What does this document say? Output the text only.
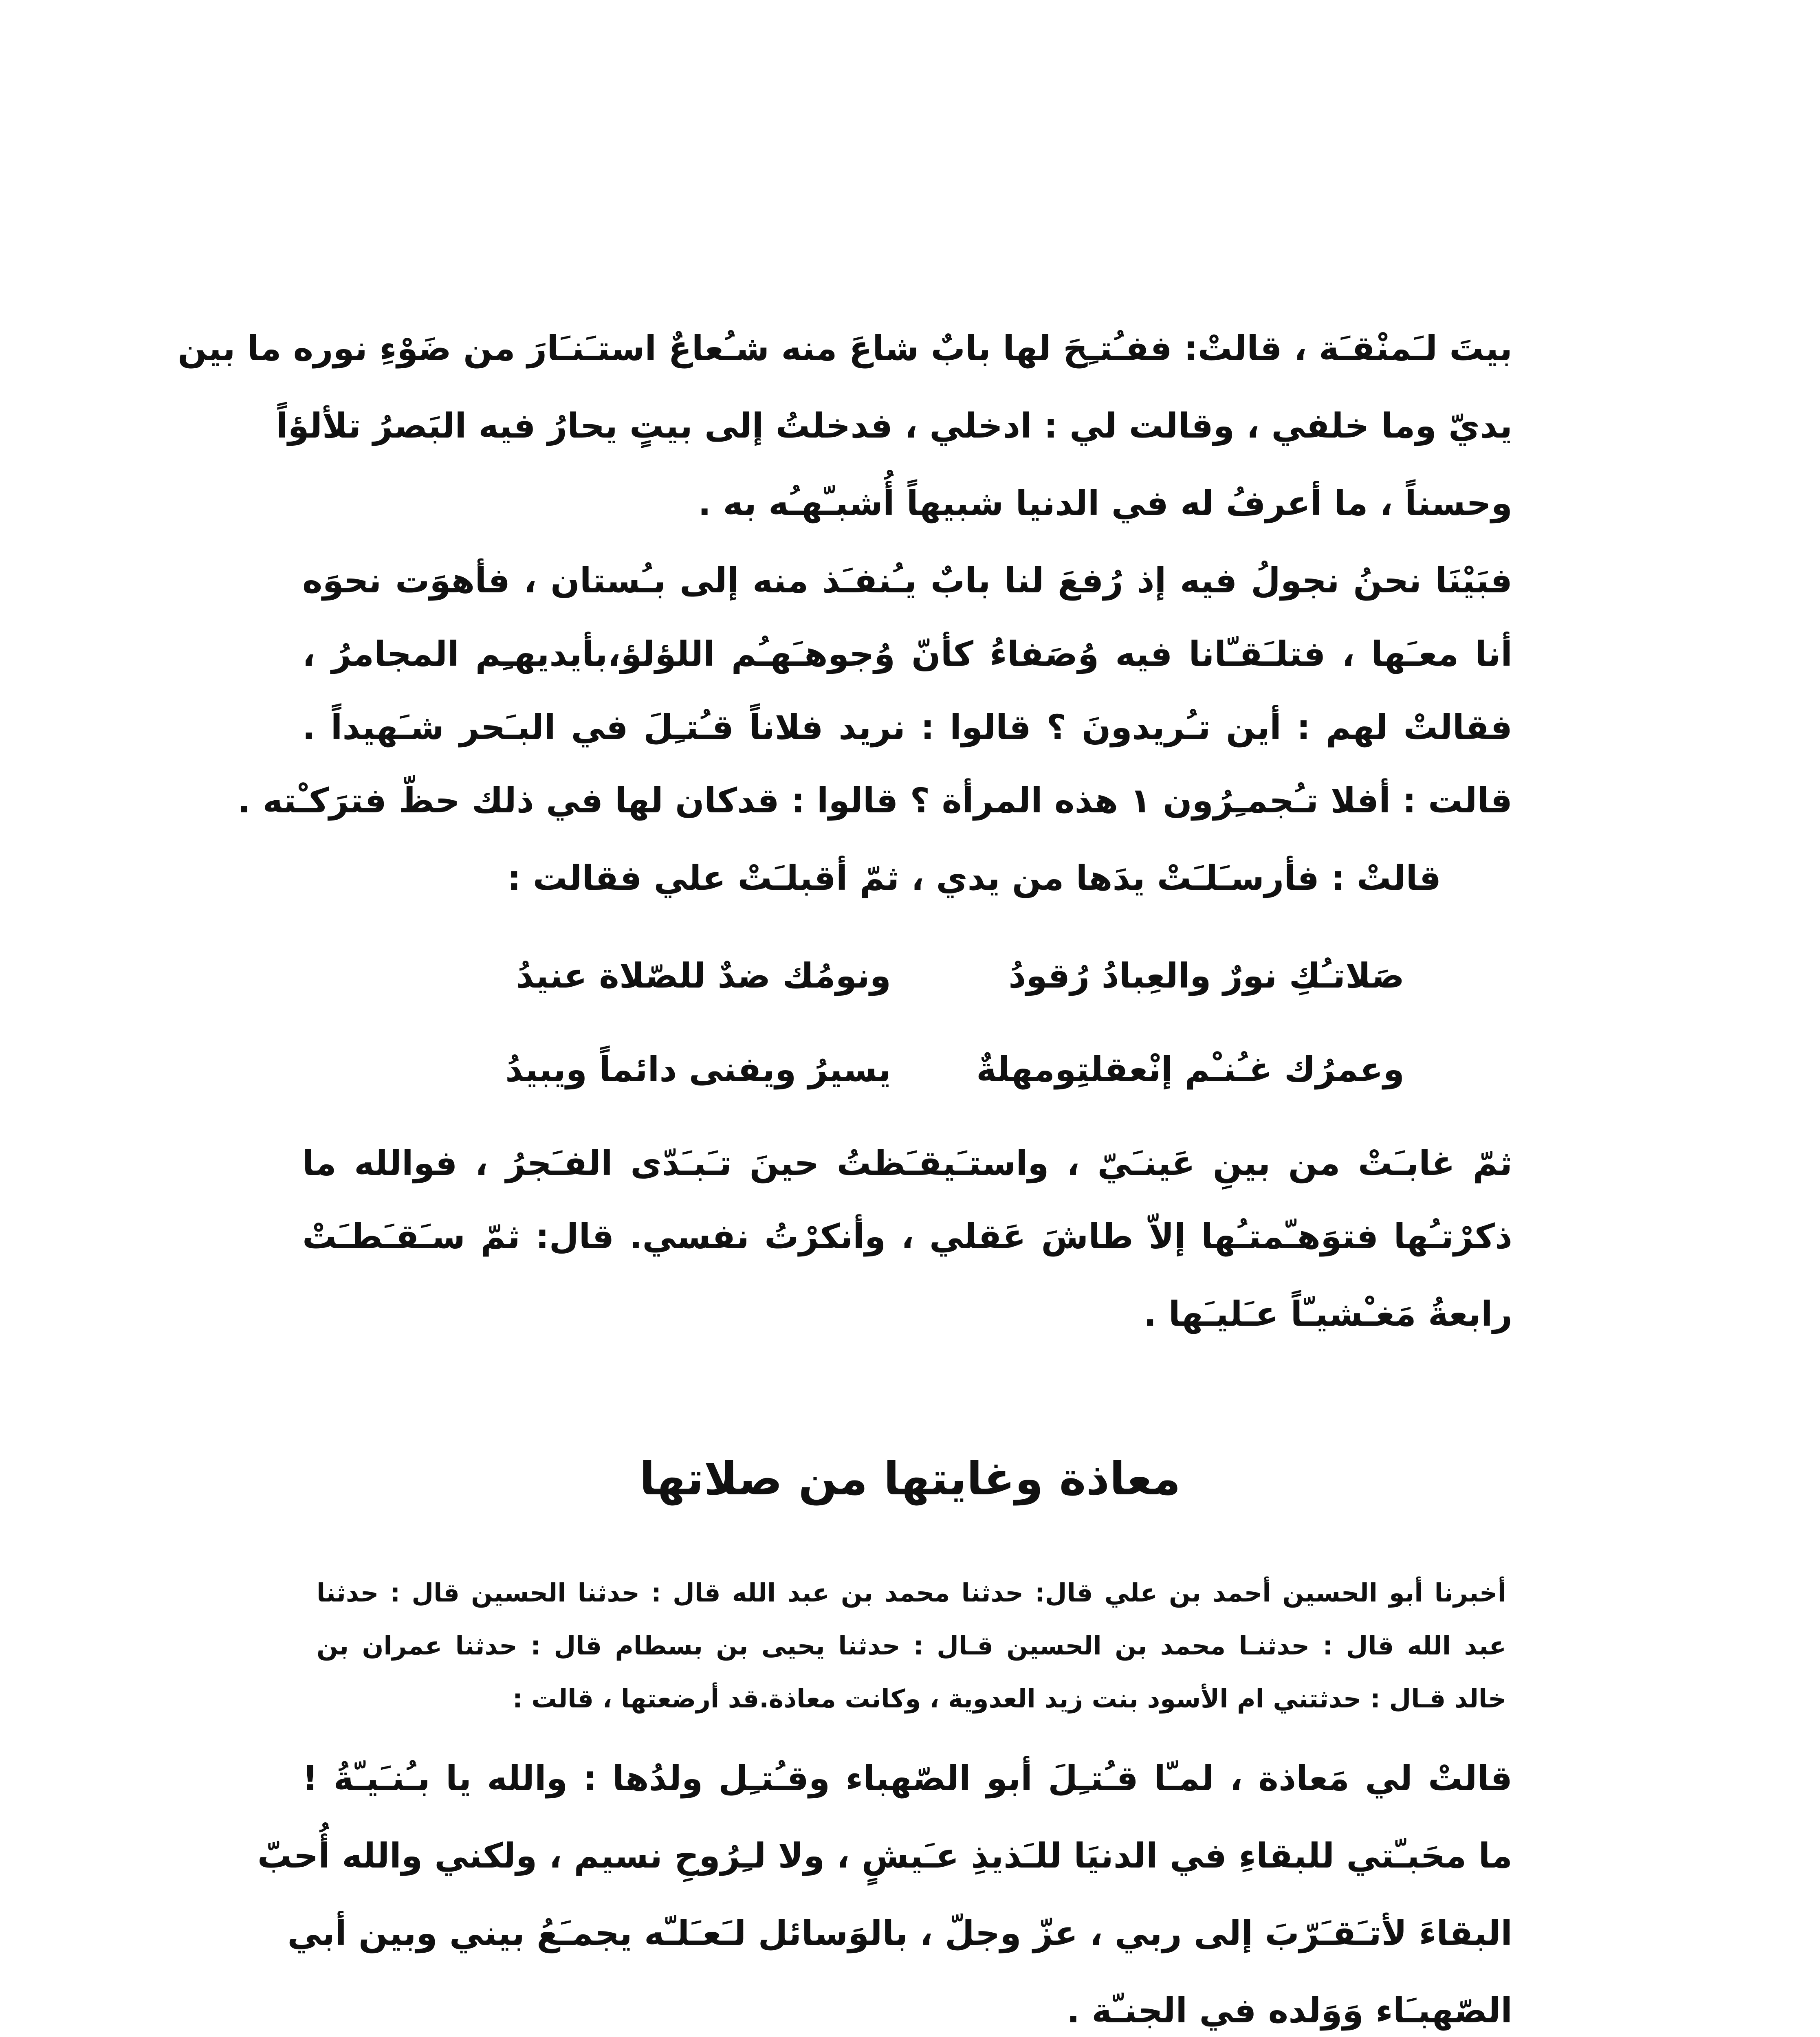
بيتَ لـَمنْقـَة ، قالتْ: ففـُتـِحَ لها بابٌ شاعَ منه شـُعاعٌ استـَنـَارَ من ضَوْءِ نوره ما بين
يديّ وما خلفي ، وقالت لي : ادخلي ، فدخلتُ إلى بيتٍ يحارُ فيه البَصرُ تلألؤاً
وحسناً ، ما أعرفُ له في الدنيا شبيهاً أُشبـّهـُه به .
فبَيْنَا نحنُ نجولُ فيه إذ رُفعَ لنا بابٌ يـُنفـَذ منه إلى بـُستان ، فأهوَت نحوَه
أنا معـَها ، فتلـَقـّانا فيه وُصَفاءُ كأنّ وُجوهـَهـُم اللؤلؤ،بأيديهـِم المجامرُ ،
فقالتْ لهم : أين تـُريدونَ ؟ قالوا : نريد فلاناً قـُتـِلَ في البـَحر شـَهيداً .
قالت : أفلا تـُجمـِرُون ١ هذه المرأة ؟ قالوا : قدكان لها في ذلك حظّ فترَكـْته .
قالتْ : فأرسـَلـَتْ يدَها من يدي ، ثمّ أقبلـَتْ علي فقالت :
صَلاتـُكِ نورٌ والعِبادُ رُقودُ
ونومُك ضدٌ للصّلاة عنيدُ
وعمرُك غـُنـْم إنْعقلتِومهلةٌ
يسيرُ ويفنى دائماً ويبيدُ
ثمّ غابـَتْ من بينِ عَينـَيّ ، واستـَيقـَظتُ حينَ تـَبـَدّى الفـَجرُ ، فوالله ما
ذكرْتـُها فتوَهـّمتـُها إلاّ طاشَ عَقلي ، وأنكرْتُ نفسي. قال: ثمّ سـَقـَطـَتْ
رابعةُ مَغـْشيـّاً عـَليـَها .
معاذة وغايتها من صلاتها
أخبرنا أبو الحسين أحمد بن علي قال: حدثنا محمد بن عبد الله قال : حدثنا الحسين قال : حدثنا
عبد الله قال : حدثنـا محمد بن الحسين قـال : حدثنا يحيى بن بسطام قال : حدثنا عمران بن
خالد قـال : حدثتني ام الأسود بنت زيد العدوية ، وكانت معاذة.قد أرضعتها ، قالت :
قالتْ لي مَعاذة ، لمـّا قـُتـِلَ أبو الصّهباء وقـُتـِل ولدُها : والله يا بـُنـَيـّةُ !
ما محَبـّتي للبقاءِ في الدنيَا للـَذيذِ عـَيشٍ ، ولا لـِرُوحِ نسيم ، ولكني والله أُحبّ
البقاءَ لأتـَقـَرّبَ إلى ربي ، عزّ وجلّ ، بالوَسائل لـَعـَلـّه يجمـَعُ بيني وبين أبي
الصّهبـَاء وَوَلده في الجنـّة .
